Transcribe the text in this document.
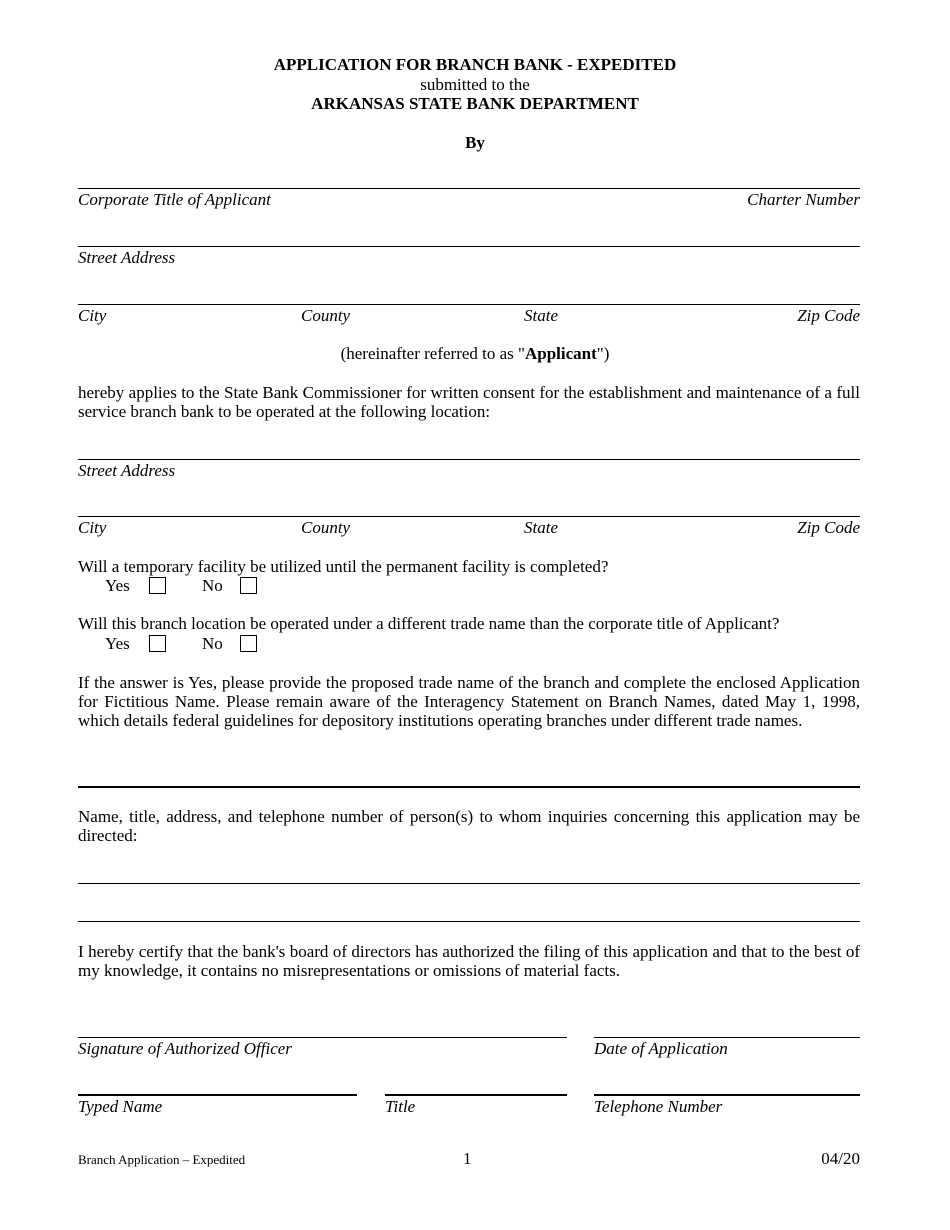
APPLICATION FOR BRANCH BANK - EXPEDITED
submitted to the
ARKANSAS STATE BANK DEPARTMENT
By
Corporate Title of Applicant	Charter Number
Street Address
City	County	State	Zip Code
(hereinafter referred to as "Applicant")
hereby applies to the State Bank Commissioner for written consent for the establishment and maintenance of a full service branch bank to be operated at the following location:
Street Address
City	County	State	Zip Code
Will a temporary facility be utilized until the permanent facility is completed?
Yes	No
Will this branch location be operated under a different trade name than the corporate title of Applicant?
Yes	No
If the answer is Yes, please provide the proposed trade name of the branch and complete the enclosed Application for Fictitious Name. Please remain aware of the Interagency Statement on Branch Names, dated May 1, 1998, which details federal guidelines for depository institutions operating branches under different trade names.
Name, title, address, and telephone number of person(s) to whom inquiries concerning this application may be directed:
I hereby certify that the bank's board of directors has authorized the filing of this application and that to the best of my knowledge, it contains no misrepresentations or omissions of material facts.
Signature of Authorized Officer	Date of Application
Typed Name	Title	Telephone Number
Branch Application – Expedited	1	04/20
